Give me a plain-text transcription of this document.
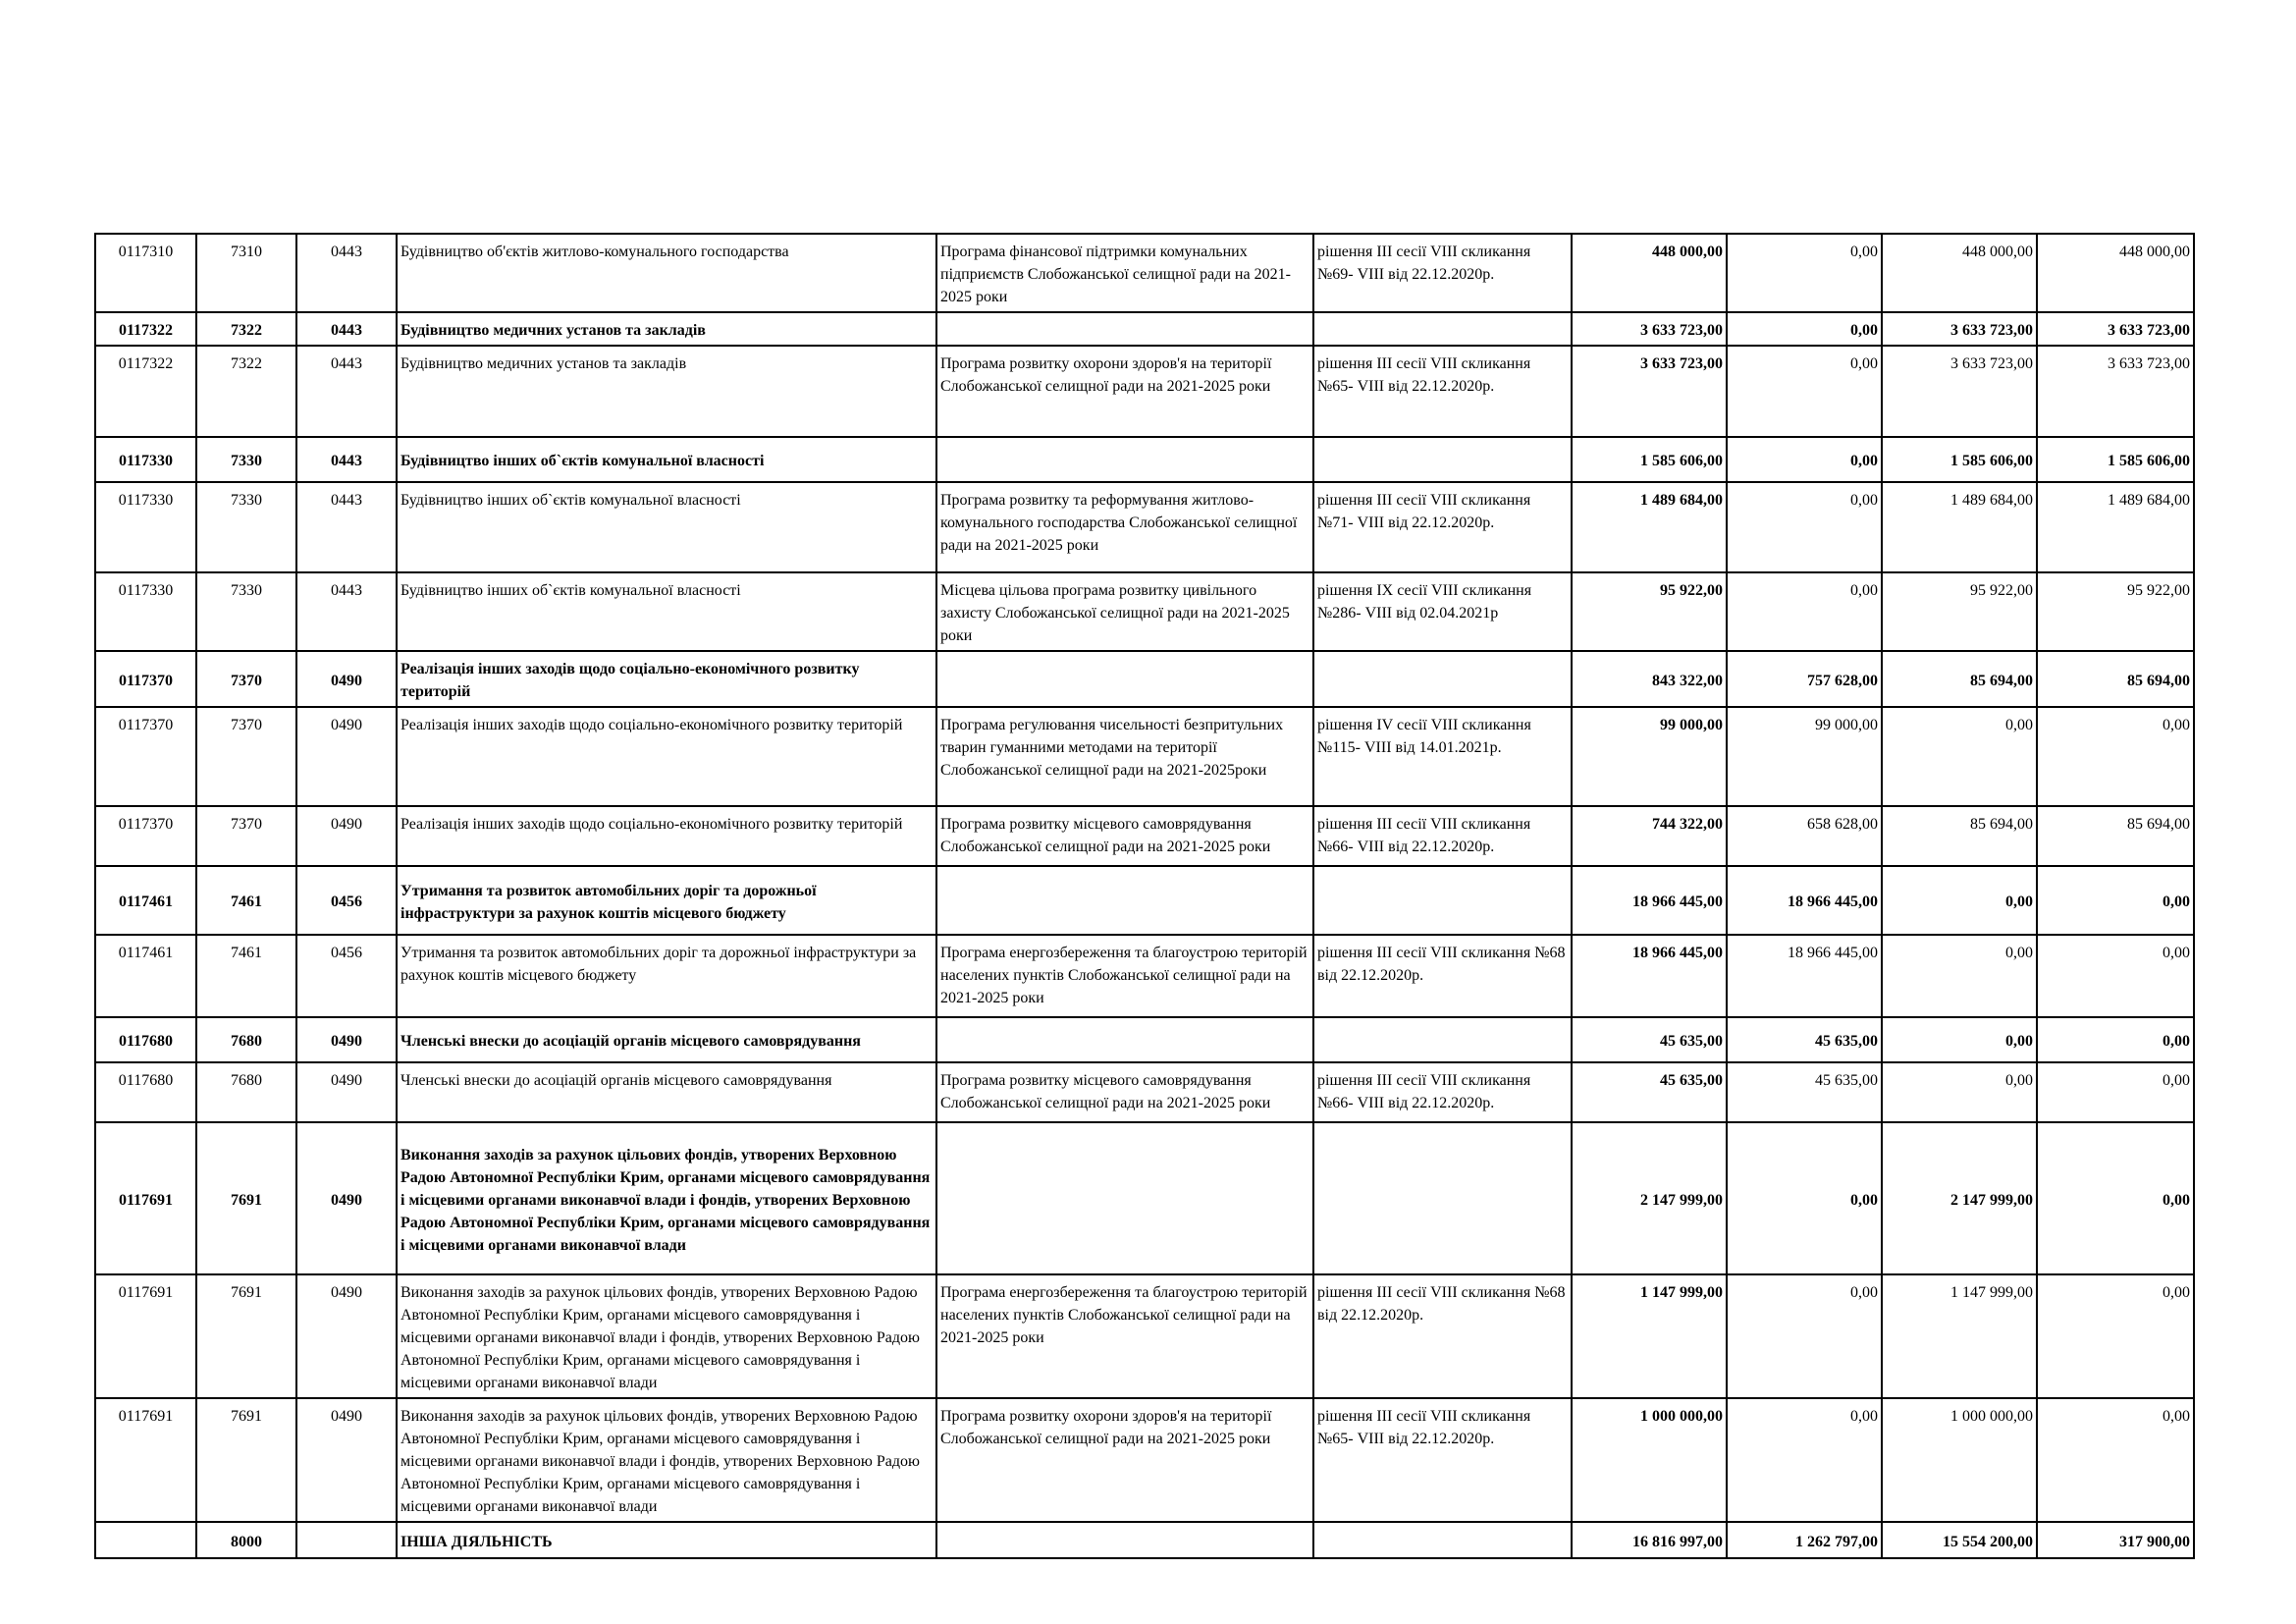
0117310	7310	0443	Будівництво об'єктів житлово-комунального господарства	Програма фінансової підтримки комунальних підприємств Слобожанської селищної ради на 2021-2025 роки	рішення ІІІ сесії VIII скликання №69- VIII від 22.12.2020р.	448 000,00	0,00	448 000,00	448 000,00
0117322	7322	0443	Будівництво медичних установ та закладів			3 633 723,00	0,00	3 633 723,00	3 633 723,00
0117322	7322	0443	Будівництво медичних установ та закладів	Програма розвитку охорони здоров'я на території Слобожанської селищної ради на 2021-2025 роки	рішення ІІІ сесії VIII скликання №65- VIII від 22.12.2020р.	3 633 723,00	0,00	3 633 723,00	3 633 723,00
0117330	7330	0443	Будівництво інших об`єктів комунальної власності			1 585 606,00	0,00	1 585 606,00	1 585 606,00
0117330	7330	0443	Будівництво інших об`єктів комунальної власності	Програма розвитку та реформування житлово-комунального господарства Слобожанської селищної ради на 2021-2025 роки	рішення ІІІ сесії VIII скликання №71- VIII від 22.12.2020р.	1 489 684,00	0,00	1 489 684,00	1 489 684,00
0117330	7330	0443	Будівництво інших об`єктів комунальної власності	Місцева цільова програма розвитку цивільного захисту Слобожанської селищної ради на 2021-2025 роки	рішення ІХ сесії VIII скликання №286- VIII від 02.04.2021р	95 922,00	0,00	95 922,00	95 922,00
0117370	7370	0490	Реалізація інших заходів щодо соціально-економічного розвитку територій			843 322,00	757 628,00	85 694,00	85 694,00
0117370	7370	0490	Реалізація інших заходів щодо соціально-економічного розвитку територій	Програма регулювання чисельності безпритульних тварин гуманними методами на території Слобожанської селищної ради на 2021-2025роки	рішення ІV сесії VIII скликання №115- VIII від 14.01.2021р.	99 000,00	99 000,00	0,00	0,00
0117370	7370	0490	Реалізація інших заходів щодо соціально-економічного розвитку територій	Програма розвитку місцевого самоврядування Слобожанської селищної ради на 2021-2025 роки	рішення ІІІ сесії VIII скликання №66- VIII від 22.12.2020р.	744 322,00	658 628,00	85 694,00	85 694,00
0117461	7461	0456	Утримання та розвиток автомобільних доріг та дорожньої інфраструктури за рахунок коштів місцевого бюджету			18 966 445,00	18 966 445,00	0,00	0,00
0117461	7461	0456	Утримання та розвиток автомобільних доріг та дорожньої інфраструктури за рахунок коштів місцевого бюджету	Програма енергозбереження та благоустрою територій населених пунктів Слобожанської селищної ради на 2021-2025 роки	рішення ІІІ сесії VIII скликання №68 від 22.12.2020р.	18 966 445,00	18 966 445,00	0,00	0,00
0117680	7680	0490	Членські внески до асоціацій органів місцевого самоврядування			45 635,00	45 635,00	0,00	0,00
0117680	7680	0490	Членські внески до асоціацій органів місцевого самоврядування	Програма розвитку місцевого самоврядування Слобожанської селищної ради на 2021-2025 роки	рішення ІІІ сесії VIII скликання №66- VIII від 22.12.2020р.	45 635,00	45 635,00	0,00	0,00
0117691	7691	0490	Виконання заходів за рахунок цільових фондів, утворених Верховною Радою Автономної Республіки Крим, органами місцевого самоврядування і місцевими органами виконавчої влади і фондів, утворених Верховною Радою Автономної Республіки Крим, органами місцевого самоврядування і місцевими органами виконавчої влади			2 147 999,00	0,00	2 147 999,00	0,00
0117691	7691	0490	Виконання заходів за рахунок цільових фондів, утворених Верховною Радою Автономної Республіки Крим, органами місцевого самоврядування і місцевими органами виконавчої влади і фондів, утворених Верховною Радою Автономної Республіки Крим, органами місцевого самоврядування і місцевими органами виконавчої влади	Програма енергозбереження та благоустрою територій населених пунктів Слобожанської селищної ради на 2021-2025 роки	рішення ІІІ сесії VIII скликання №68 від 22.12.2020р.	1 147 999,00	0,00	1 147 999,00	0,00
0117691	7691	0490	Виконання заходів за рахунок цільових фондів, утворених Верховною Радою Автономної Республіки Крим, органами місцевого самоврядування і місцевими органами виконавчої влади і фондів, утворених Верховною Радою Автономної Республіки Крим, органами місцевого самоврядування і місцевими органами виконавчої влади	Програма розвитку охорони здоров'я на території Слобожанської селищної ради на 2021-2025 роки	рішення ІІІ сесії VIII скликання №65- VIII від 22.12.2020р.	1 000 000,00	0,00	1 000 000,00	0,00
	8000		ІНША ДІЯЛЬНІСТЬ			16 816 997,00	1 262 797,00	15 554 200,00	317 900,00
